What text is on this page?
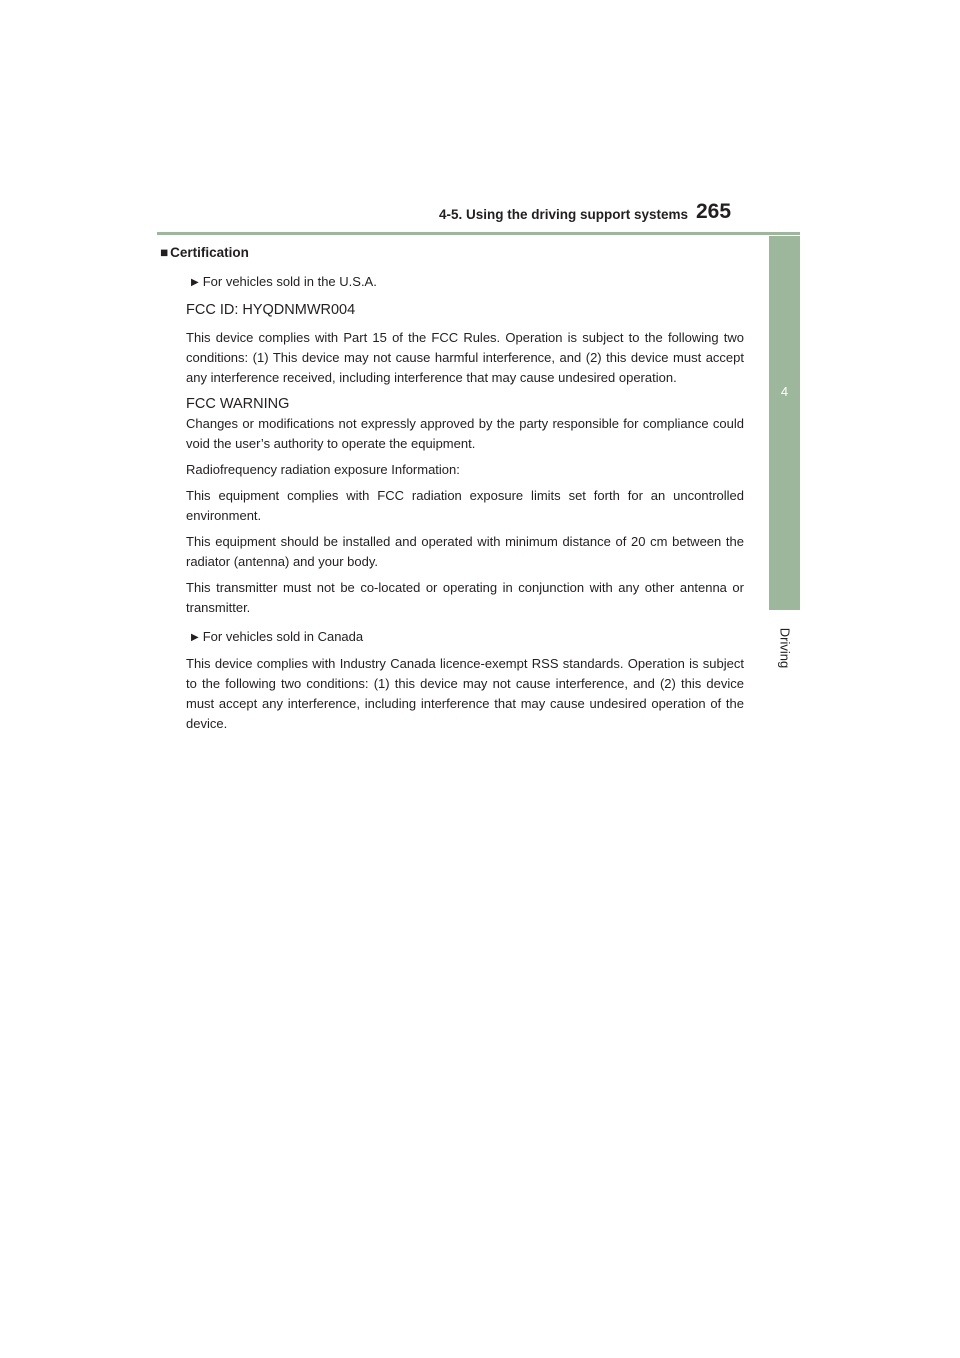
4-5. Using the driving support systems 265
4
Driving
■ Certification
▶ For vehicles sold in the U.S.A.
FCC ID: HYQDNMWR004

This device complies with Part 15 of the FCC Rules. Operation is subject to the following two conditions: (1) This device may not cause harmful interference, and (2) this device must accept any interference received, including interference that may cause undesired operation.

FCC WARNING

Changes or modifications not expressly approved by the party responsible for compliance could void the user’s authority to operate the equipment.

Radiofrequency radiation exposure Information:

This equipment complies with FCC radiation exposure limits set forth for an uncontrolled environment.

This equipment should be installed and operated with minimum distance of 20 cm between the radiator (antenna) and your body.

This transmitter must not be co-located or operating in conjunction with any other antenna or transmitter.

▶ For vehicles sold in Canada

This device complies with Industry Canada licence-exempt RSS standards. Operation is subject to the following two conditions: (1) this device may not cause interference, and (2) this device must accept any interference, including interference that may cause undesired operation of the device.
